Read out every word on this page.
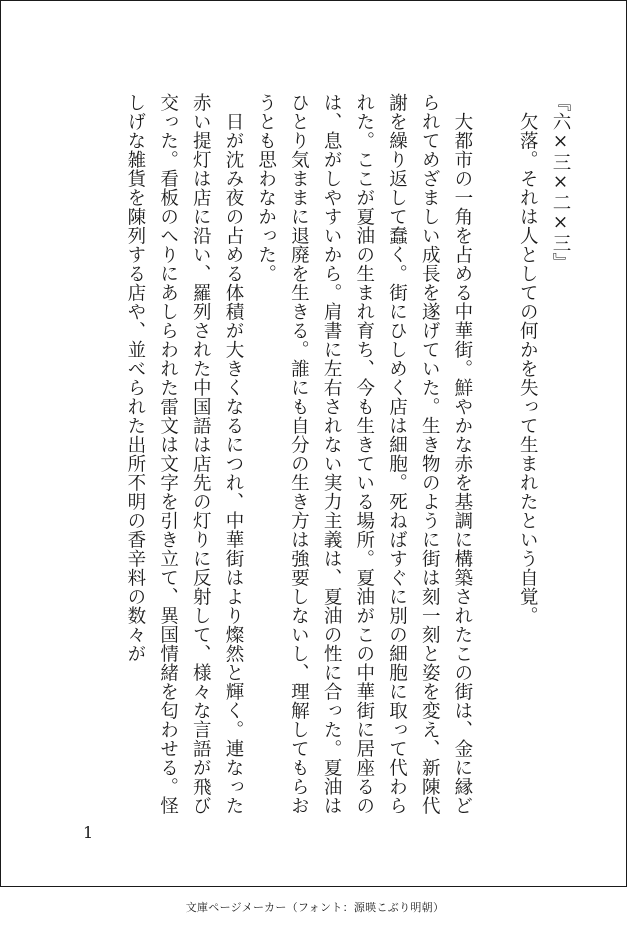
『六×三×二×三』

欠落。それは人としての何かを失って生まれたという自覚。

大都市の一角を占める中華街。鮮やかな赤を基調に構築されたこの街は、金に縁どられてめざましい成長を遂げていた。生き物のように街は刻一刻と姿を変え、新陳代謝を繰り返して蠢く。街にひしめく店は細胞。死ねばすぐに別の細胞に取って代わられた。ここが夏油の生まれ育ち、今も生きている場所。夏油がこの中華街に居座るのは、息がしやすいから。肩書に左右されない実力主義は、夏油の性に合った。夏油はひとり気ままに退廃を生きる。誰にも自分の生き方は強要しないし、理解してもらおうとも思わなかった。

日が沈み夜の占める体積が大きくなるにつれ、中華街はより燦然と輝く。連なった赤い提灯は店に沿い、羅列された中国語は店先の灯りに反射して、様々な言語が飛び交った。看板のへりにあしらわれた雷文は文字を引き立て、異国情緒を匂わせる。怪しげな雑貨を陳列する店や、並べられた出所不明の香辛料の数々が

1
文庫ページメーカー（フォント：源暎こぶり明朝）
